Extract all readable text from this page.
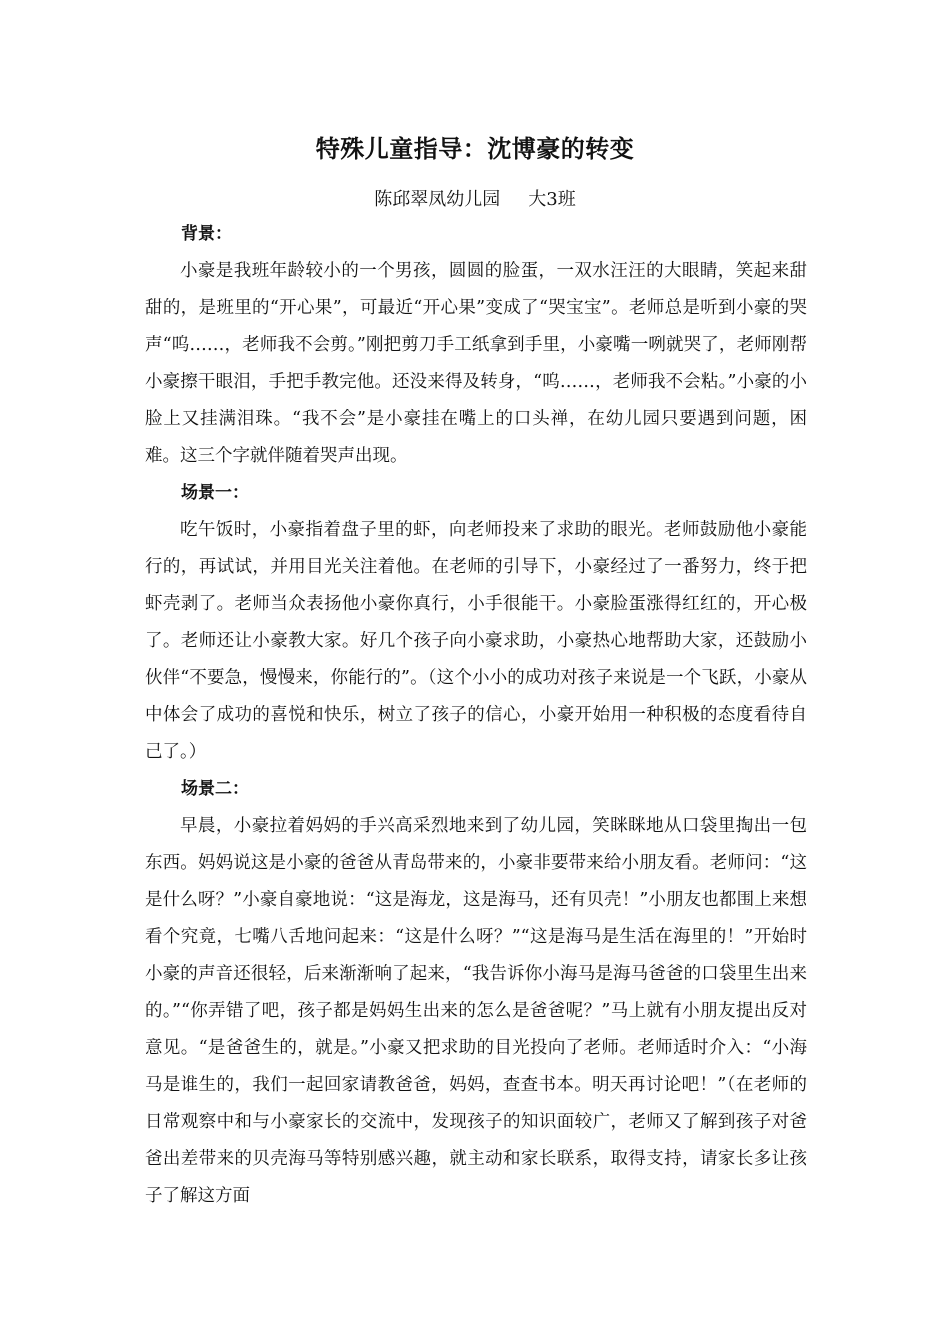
特殊儿童指导：沈博豪的转变
陈邱翠凤幼儿园 大3班
背景：

小豪是我班年龄较小的一个男孩，圆圆的脸蛋，一双水汪汪的大眼睛，笑起来甜甜的，是班里的“开心果”，可最近“开心果”变成了“哭宝宝”。老师总是听到小豪的哭声“呜……，老师我不会剪。”刚把剪刀手工纸拿到手里，小豪嘴一咧就哭了，老师刚帮小豪擦干眼泪，手把手教完他。还没来得及转身，“呜……，老师我不会粘。”小豪的小脸上又挂满泪珠。“我不会”是小豪挂在嘴上的口头禅，在幼儿园只要遇到问题，困难。这三个字就伴随着哭声出现。

场景一：

吃午饭时，小豪指着盘子里的虾，向老师投来了求助的眼光。老师鼓励他小豪能行的，再试试，并用目光关注着他。在老师的引导下，小豪经过了一番努力，终于把虾壳剥了。老师当众表扬他小豪你真行，小手很能干。小豪脸蛋涨得红红的，开心极了。老师还让小豪教大家。好几个孩子向小豪求助，小豪热心地帮助大家，还鼓励小伙伴“不要急，慢慢来，你能行的”。（这个小小的成功对孩子来说是一个飞跃，小豪从中体会了成功的喜悦和快乐，树立了孩子的信心，小豪开始用一种积极的态度看待自己了。）

场景二：

早晨，小豪拉着妈妈的手兴高采烈地来到了幼儿园，笑眯眯地从口袋里掏出一包东西。妈妈说这是小豪的爸爸从青岛带来的，小豪非要带来给小朋友看。老师问：“这是什么呀？”小豪自豪地说：“这是海龙，这是海马，还有贝壳！”小朋友也都围上来想看个究竟，七嘴八舌地问起来：“这是什么呀？”“这是海马是生活在海里的！”开始时小豪的声音还很轻，后来渐渐响了起来，“我告诉你小海马是海马爸爸的口袋里生出来的。”“你弄错了吧，孩子都是妈妈生出来的怎么是爸爸呢？”马上就有小朋友提出反对意见。“是爸爸生的，就是。”小豪又把求助的目光投向了老师。老师适时介入：“小海马是谁生的，我们一起回家请教爸爸，妈妈，查查书本。明天再讨论吧！”（在老师的日常观察中和与小豪家长的交流中，发现孩子的知识面较广，老师又了解到孩子对爸爸出差带来的贝壳海马等特别感兴趣，就主动和家长联系，取得支持，请家长多让孩子了解这方面
